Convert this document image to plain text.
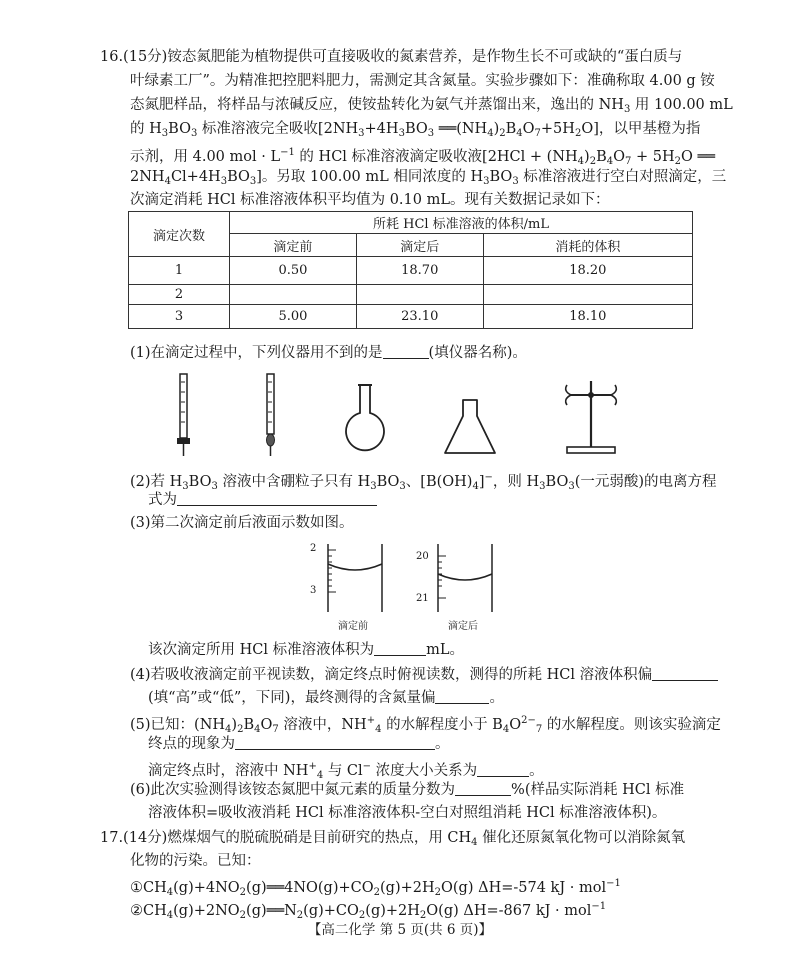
16.(15分)铵态氮肥能为植物提供可直接吸收的氮素营养，是作物生长不可或缺的“蛋白质与
叶绿素工厂”。为精准把控肥料肥力，需测定其含氮量。实验步骤如下：准确称取 4.00 g 铵
态氮肥样品，将样品与浓碱反应，使铵盐转化为氨气并蒸馏出来，逸出的 $NH_3$ 用 100.00 mL
的 $H_3BO_3$ 标准溶液完全吸收[$2NH_3+4H_3BO_3$ $══(NH_4)_2B_4O_7+5H_2O$]，以甲基橙为指
示剂，用 4.00 mol · $L^{-1}$ 的 HCl 标准溶液滴定吸收液[$2HCl + (NH_4)_2B_4O_7 + 5H_2O$ ══
$2NH_4Cl+4H_3BO_3$]。另取 100.00 mL 相同浓度的 $H_3BO_3$ 标准溶液进行空白对照滴定，三
次滴定消耗 HCl 标准溶液体积平均值为 0.10 mL。现有关数据记录如下：
滴定次数	所耗 HCl 标准溶液的体积/mL		
	滴定前	滴定后	消耗的体积
1	0.50	18.70	18.20
2			
3	5.00	23.10	18.10
(1)在滴定过程中，下列仪器用不到的是	(填仪器名称)。
(2)若 $H_3BO_3$ 溶液中含硼粒子只有 $H_3BO_3$、$[B(OH)_4]^-$，则 $H_3BO_3$(一元弱酸)的电离方程
式为
(3)第二次滴定前后液面示数如图。
2
3
滴定前
20
21
滴定后
该次滴定所用 HCl 标准溶液体积为	mL。
(4)若吸收液滴定前平视读数，滴定终点时俯视读数，测得的所耗 HCl 溶液体积偏
(填“高”或“低”，下同)，最终测得的含氮量偏	。
(5)已知：$(NH_4)_2B_4O_7$ 溶液中，$NH^+_4$ 的水解程度小于 $B_4O^{2-}_7$ 的水解程度。则该实验滴定
终点的现象为	。
滴定终点时，溶液中 $NH^+_4$ 与 Cl− 浓度大小关系为	。
(6)此次实验测得该铵态氮肥中氮元素的质量分数为	%(样品实际消耗 HCl 标准
溶液体积=吸收液消耗 HCl 标准溶液体积-空白对照组消耗 HCl 标准溶液体积)。
17.(14分)燃煤烟气的脱硫脱硝是目前研究的热点，用 $CH_4$ 催化还原氮氧化物可以消除氮氧
化物的污染。已知：
$①CH_4(g)+4NO_2(g)══4NO(g)+CO_2(g)+2H_2O(g)$ ΔH=-574 kJ · mol$^{-1}$
$②CH_4(g)+2NO_2(g)══N_2(g)+CO_2(g)+2H_2O(g)$ ΔH=-867 kJ · mol$^{-1}$
【高二化学 第 5 页(共 6 页)】
